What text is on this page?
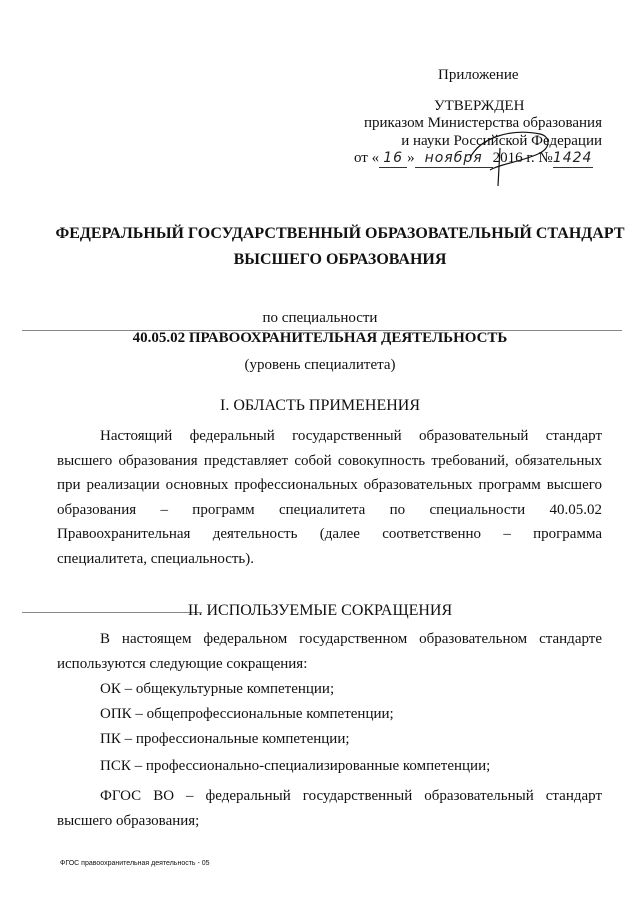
Приложение
УТВЕРЖДЕН
приказом Министерства образования
и науки Российской Федерации
от « 16 » ноября 2016 г. №1424
ФЕДЕРАЛЬНЫЙ ГОСУДАРСТВЕННЫЙ ОБРАЗОВАТЕЛЬНЫЙ СТАНДАРТ
ВЫСШЕГО ОБРАЗОВАНИЯ
по специальности
40.05.02 ПРАВООХРАНИТЕЛЬНАЯ ДЕЯТЕЛЬНОСТЬ
(уровень специалитета)
I. ОБЛАСТЬ ПРИМЕНЕНИЯ
Настоящий федеральный государственный образовательный стандарт высшего образования представляет собой совокупность требований, обязательных при реализации основных профессиональных образовательных программ высшего образования – программ специалитета по специальности 40.05.02 Правоохранительная деятельность (далее соответственно – программа специалитета, специальность).
II. ИСПОЛЬЗУЕМЫЕ СОКРАЩЕНИЯ
В настоящем федеральном государственном образовательном стандарте используются следующие сокращения:
ОК – общекультурные компетенции;
ОПК – общепрофессиональные компетенции;
ПК – профессиональные компетенции;
ПСК – профессионально-специализированные компетенции;
ФГОС ВО – федеральный государственный образовательный стандарт высшего образования;
ФГОС правоохранительная деятельность - 05
